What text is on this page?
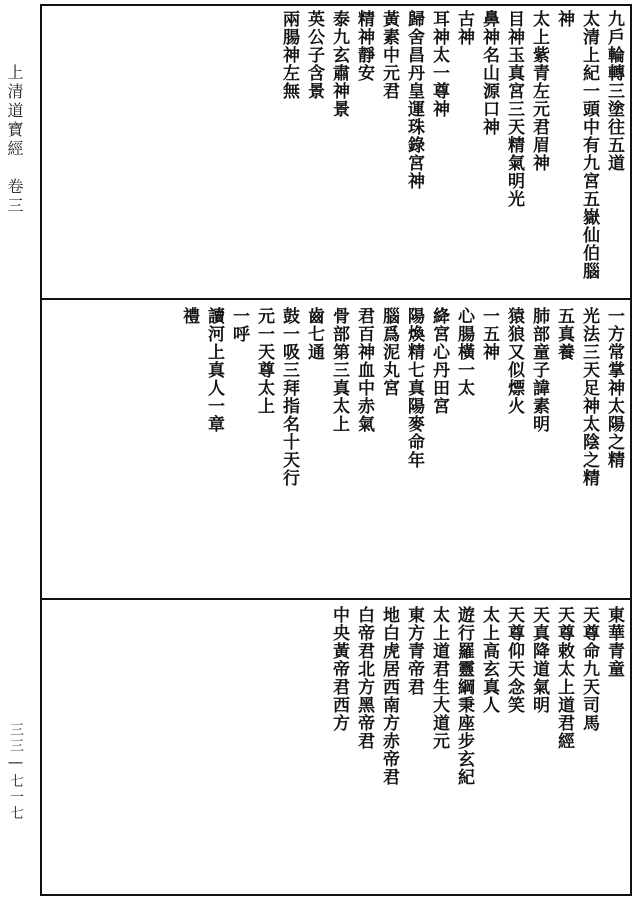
上清道寶經　卷三
三三 | 七一七
九戶輪轉三塗往五道
太清上紀一頭中有九宮五嶽仙伯腦神
太上紫青左元君眉神
目神玉真宮三天精氣明光
鼻神名山源口神
古神
耳神太一尊神
歸舍昌丹皇運珠錄宮神
黃素中元君
精神靜安
泰九玄肅神景
英公子含景
兩腸神左無
一方常掌神太陽之精
光法三天足神太陰之精
五真養
肺部童子諱素明
猿狼又似熛火
一五神
心腸橫一太
絳宮心丹田宮
陽煥精七真陽麥命年
腦爲泥丸宮
君百神血中赤氣
骨部第三真太上
齒七通
鼓一吸三拜指名十天行
元一天尊太上
一呼
讀河上真人一章
禮
東華青童
天尊命九天司馬
天尊敕太上道君經
天真降道氣明
天尊仰天念笑
太上高玄真人
遊行羅靈綱秉座步玄紀
太上道君生大道元
東方青帝君
地白虎居西南方赤帝君
白帝君北方黑帝君
中央黃帝君西方
